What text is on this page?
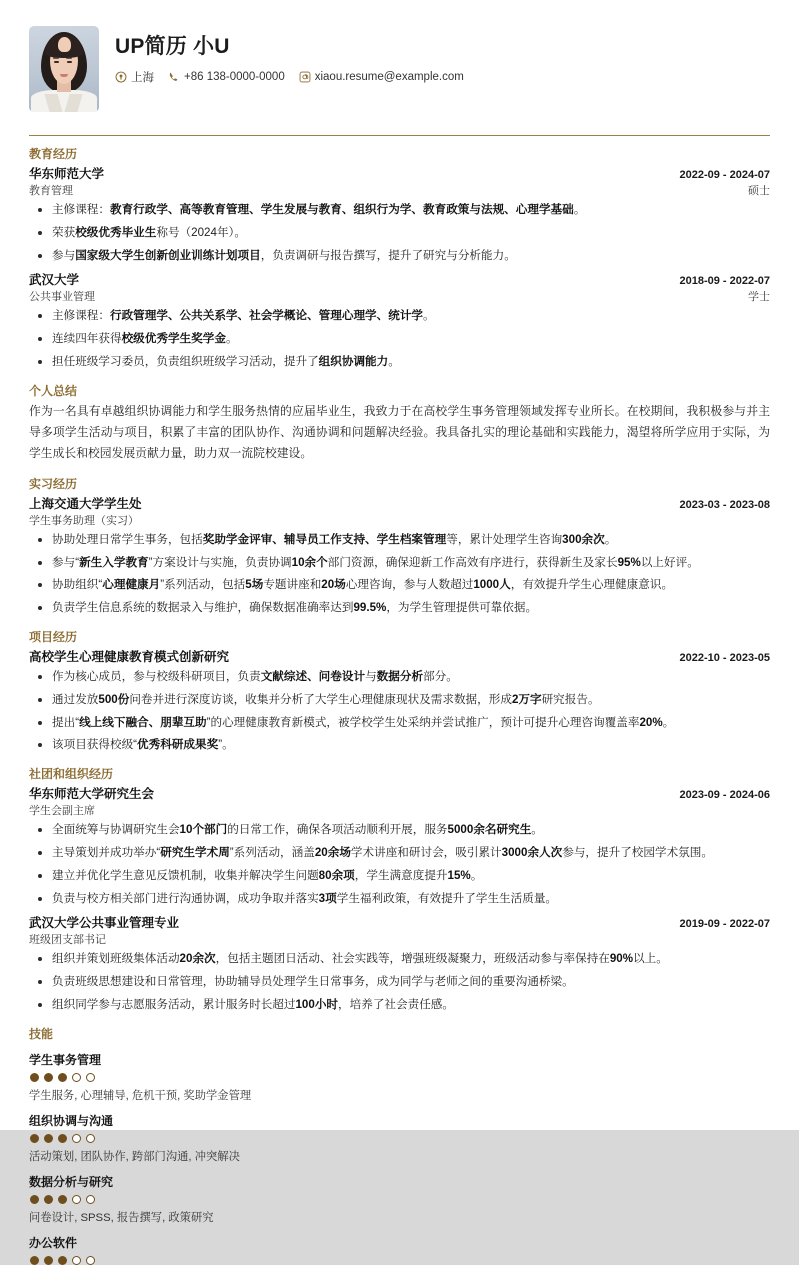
UP简历 小U
上海	+86 138-0000-0000	xiaou.resume@example.com
教育经历
华东师范大学	2022-09 - 2024-07
教育管理	硕士
主修课程：教育行政学、高等教育管理、学生发展与教育、组织行为学、教育政策与法规、心理学基础。
荣获校级优秀毕业生称号（2024年）。
参与国家级大学生创新创业训练计划项目，负责调研与报告撰写，提升了研究与分析能力。
武汉大学	2018-09 - 2022-07
公共事业管理	学士
主修课程：行政管理学、公共关系学、社会学概论、管理心理学、统计学。
连续四年获得校级优秀学生奖学金。
担任班级学习委员，负责组织班级学习活动，提升了组织协调能力。
个人总结
作为一名具有卓越组织协调能力和学生服务热情的应届毕业生，我致力于在高校学生事务管理领域发挥专业所长。在校期间，我积极参与并主导多项学生活动与项目，积累了丰富的团队协作、沟通协调和问题解决经验。我具备扎实的理论基础和实践能力，渴望将所学应用于实际，为学生成长和校园发展贡献力量，助力双一流院校建设。
实习经历
上海交通大学学生处	2023-03 - 2023-08
学生事务助理（实习）
协助处理日常学生事务，包括奖助学金评审、辅导员工作支持、学生档案管理等，累计处理学生咨询300余次。
参与“新生入学教育”方案设计与实施，负责协调10余个部门资源，确保迎新工作高效有序进行，获得新生及家长95%以上好评。
协助组织“心理健康月”系列活动，包括5场专题讲座和20场心理咨询，参与人数超过1000人，有效提升学生心理健康意识。
负责学生信息系统的数据录入与维护，确保数据准确率达到99.5%，为学生管理提供可靠依据。
项目经历
高校学生心理健康教育模式创新研究	2022-10 - 2023-05
作为核心成员，参与校级科研项目，负责文献综述、问卷设计与数据分析部分。
通过发放500份问卷并进行深度访谈，收集并分析了大学生心理健康现状及需求数据，形成2万字研究报告。
提出“线上线下融合、朋辈互助”的心理健康教育新模式，被学校学生处采纳并尝试推广，预计可提升心理咨询覆盖率20%。
该项目获得校级“优秀科研成果奖”。
社团和组织经历
华东师范大学研究生会	2023-09 - 2024-06
学生会副主席
全面统筹与协调研究生会10个部门的日常工作，确保各项活动顺利开展，服务5000余名研究生。
主导策划并成功举办“研究生学术周”系列活动，涵盖20余场学术讲座和研讨会，吸引累计3000余人次参与，提升了校园学术氛围。
建立并优化学生意见反馈机制，收集并解决学生问题80余项，学生满意度提升15%。
负责与校方相关部门进行沟通协调，成功争取并落实3项学生福利政策，有效提升了学生生活质量。
武汉大学公共事业管理专业	2019-09 - 2022-07
班级团支部书记
组织并策划班级集体活动20余次，包括主题团日活动、社会实践等，增强班级凝聚力，班级活动参与率保持在90%以上。
负责班级思想建设和日常管理，协助辅导员处理学生日常事务，成为同学与老师之间的重要沟通桥梁。
组织同学参与志愿服务活动，累计服务时长超过100小时，培养了社会责任感。
技能
学生事务管理
学生服务, 心理辅导, 危机干预, 奖助学金管理
组织协调与沟通
活动策划, 团队协作, 跨部门沟通, 冲突解决
数据分析与研究
问卷设计, SPSS, 报告撰写, 政策研究
办公软件
